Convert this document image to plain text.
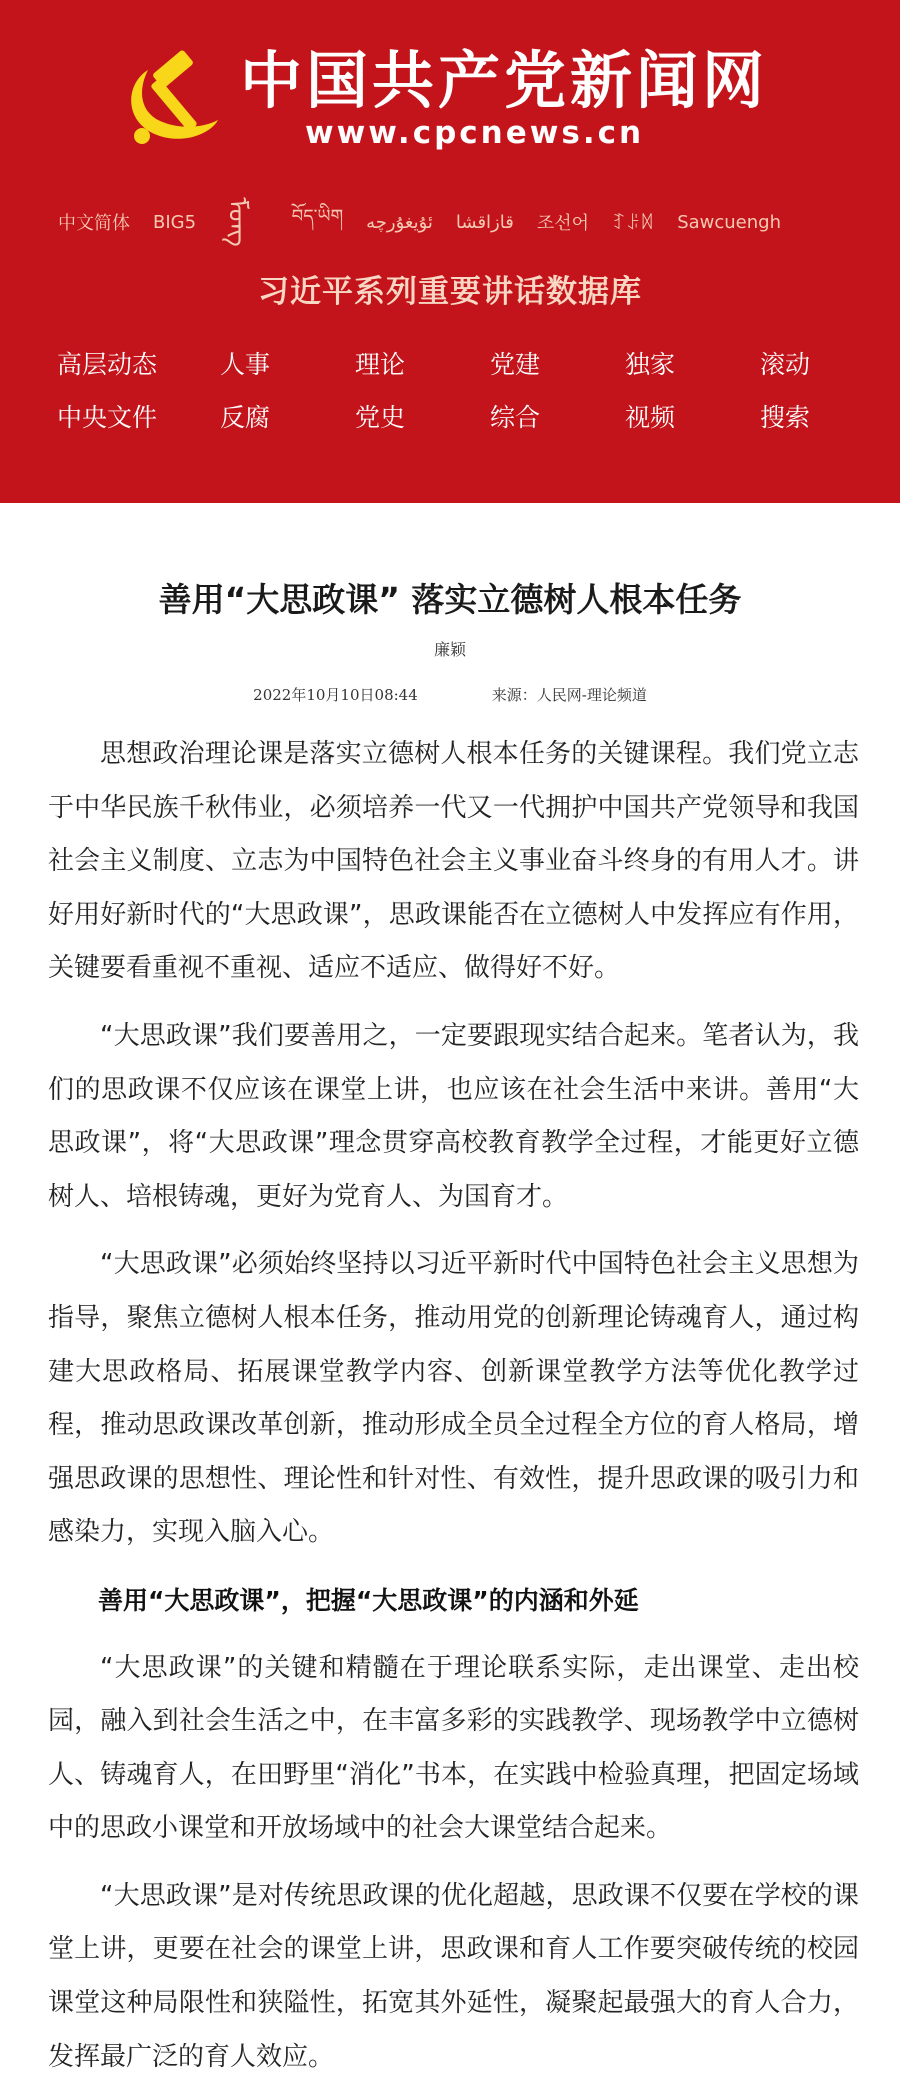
中国共产党新闻网
www.cpcnews.cn
中文简体 BIG5 ᠮᠣᠩ	བོད་ཡིག ئۇيغۇرچە قازاقشا 조선어 ꆈꌠꉙ Sawcuengh
习近平系列重要讲话数据库
高层动态	人事	理论	党建	独家	滚动
中央文件	反腐	党史	综合	视频	搜索
善用“大思政课” 落实立德树人根本任务
廉颖
2022年10月10日08:44	来源：人民网-理论频道

思想政治理论课是落实立德树人根本任务的关键课程。我们党立志于中华民族千秋伟业，必须培养一代又一代拥护中国共产党领导和我国社会主义制度、立志为中国特色社会主义事业奋斗终身的有用人才。讲好用好新时代的“大思政课”，思政课能否在立德树人中发挥应有作用，关键要看重视不重视、适应不适应、做得好不好。

“大思政课”我们要善用之，一定要跟现实结合起来。笔者认为，我们的思政课不仅应该在课堂上讲，也应该在社会生活中来讲。善用“大思政课”，将“大思政课”理念贯穿高校教育教学全过程，才能更好立德树人、培根铸魂，更好为党育人、为国育才。

“大思政课”必须始终坚持以习近平新时代中国特色社会主义思想为指导，聚焦立德树人根本任务，推动用党的创新理论铸魂育人，通过构建大思政格局、拓展课堂教学内容、创新课堂教学方法等优化教学过程，推动思政课改革创新，推动形成全员全过程全方位的育人格局，增强思政课的思想性、理论性和针对性、有效性，提升思政课的吸引力和感染力，实现入脑入心。

善用“大思政课”，把握“大思政课”的内涵和外延

“大思政课”的关键和精髓在于理论联系实际，走出课堂、走出校园，融入到社会生活之中，在丰富多彩的实践教学、现场教学中立德树人、铸魂育人，在田野里“消化”书本，在实践中检验真理，把固定场域中的思政小课堂和开放场域中的社会大课堂结合起来。

“大思政课”是对传统思政课的优化超越，思政课不仅要在学校的课堂上讲，更要在社会的课堂上讲，思政课和育人工作要突破传统的校园课堂这种局限性和狭隘性，拓宽其外延性，凝聚起最强大的育人合力，发挥最广泛的育人效应。
